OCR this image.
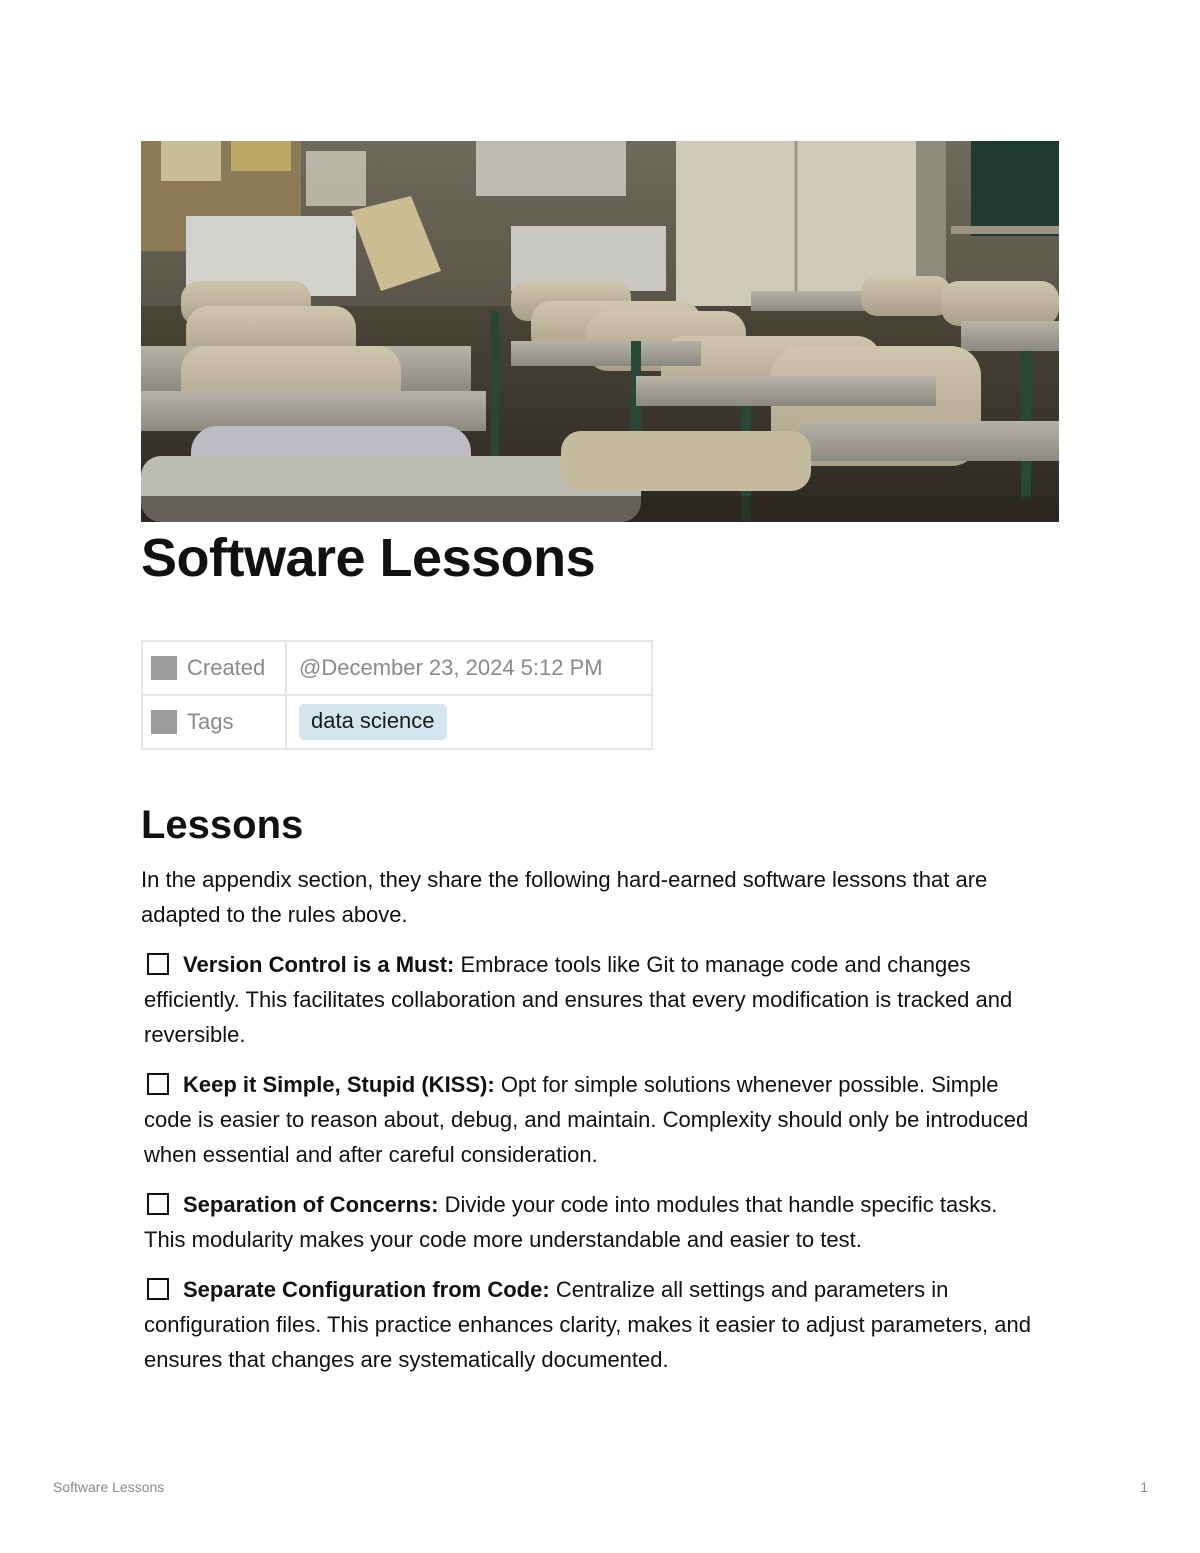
Software Lessons
Created	@December 23, 2024 5:12 PM
Tags	data science
Lessons

In the appendix section, they share the following hard-earned software lessons that are adapted to the rules above.

Version Control is a Must: Embrace tools like Git to manage code and changes efficiently. This facilitates collaboration and ensures that every modification is tracked and reversible.
Keep it Simple, Stupid (KISS): Opt for simple solutions whenever possible. Simple code is easier to reason about, debug, and maintain. Complexity should only be introduced when essential and after careful consideration.
Separation of Concerns: Divide your code into modules that handle specific tasks. This modularity makes your code more understandable and easier to test.
Separate Configuration from Code: Centralize all settings and parameters in configuration files. This practice enhances clarity, makes it easier to adjust parameters, and ensures that changes are systematically documented.
Software Lessons	1
